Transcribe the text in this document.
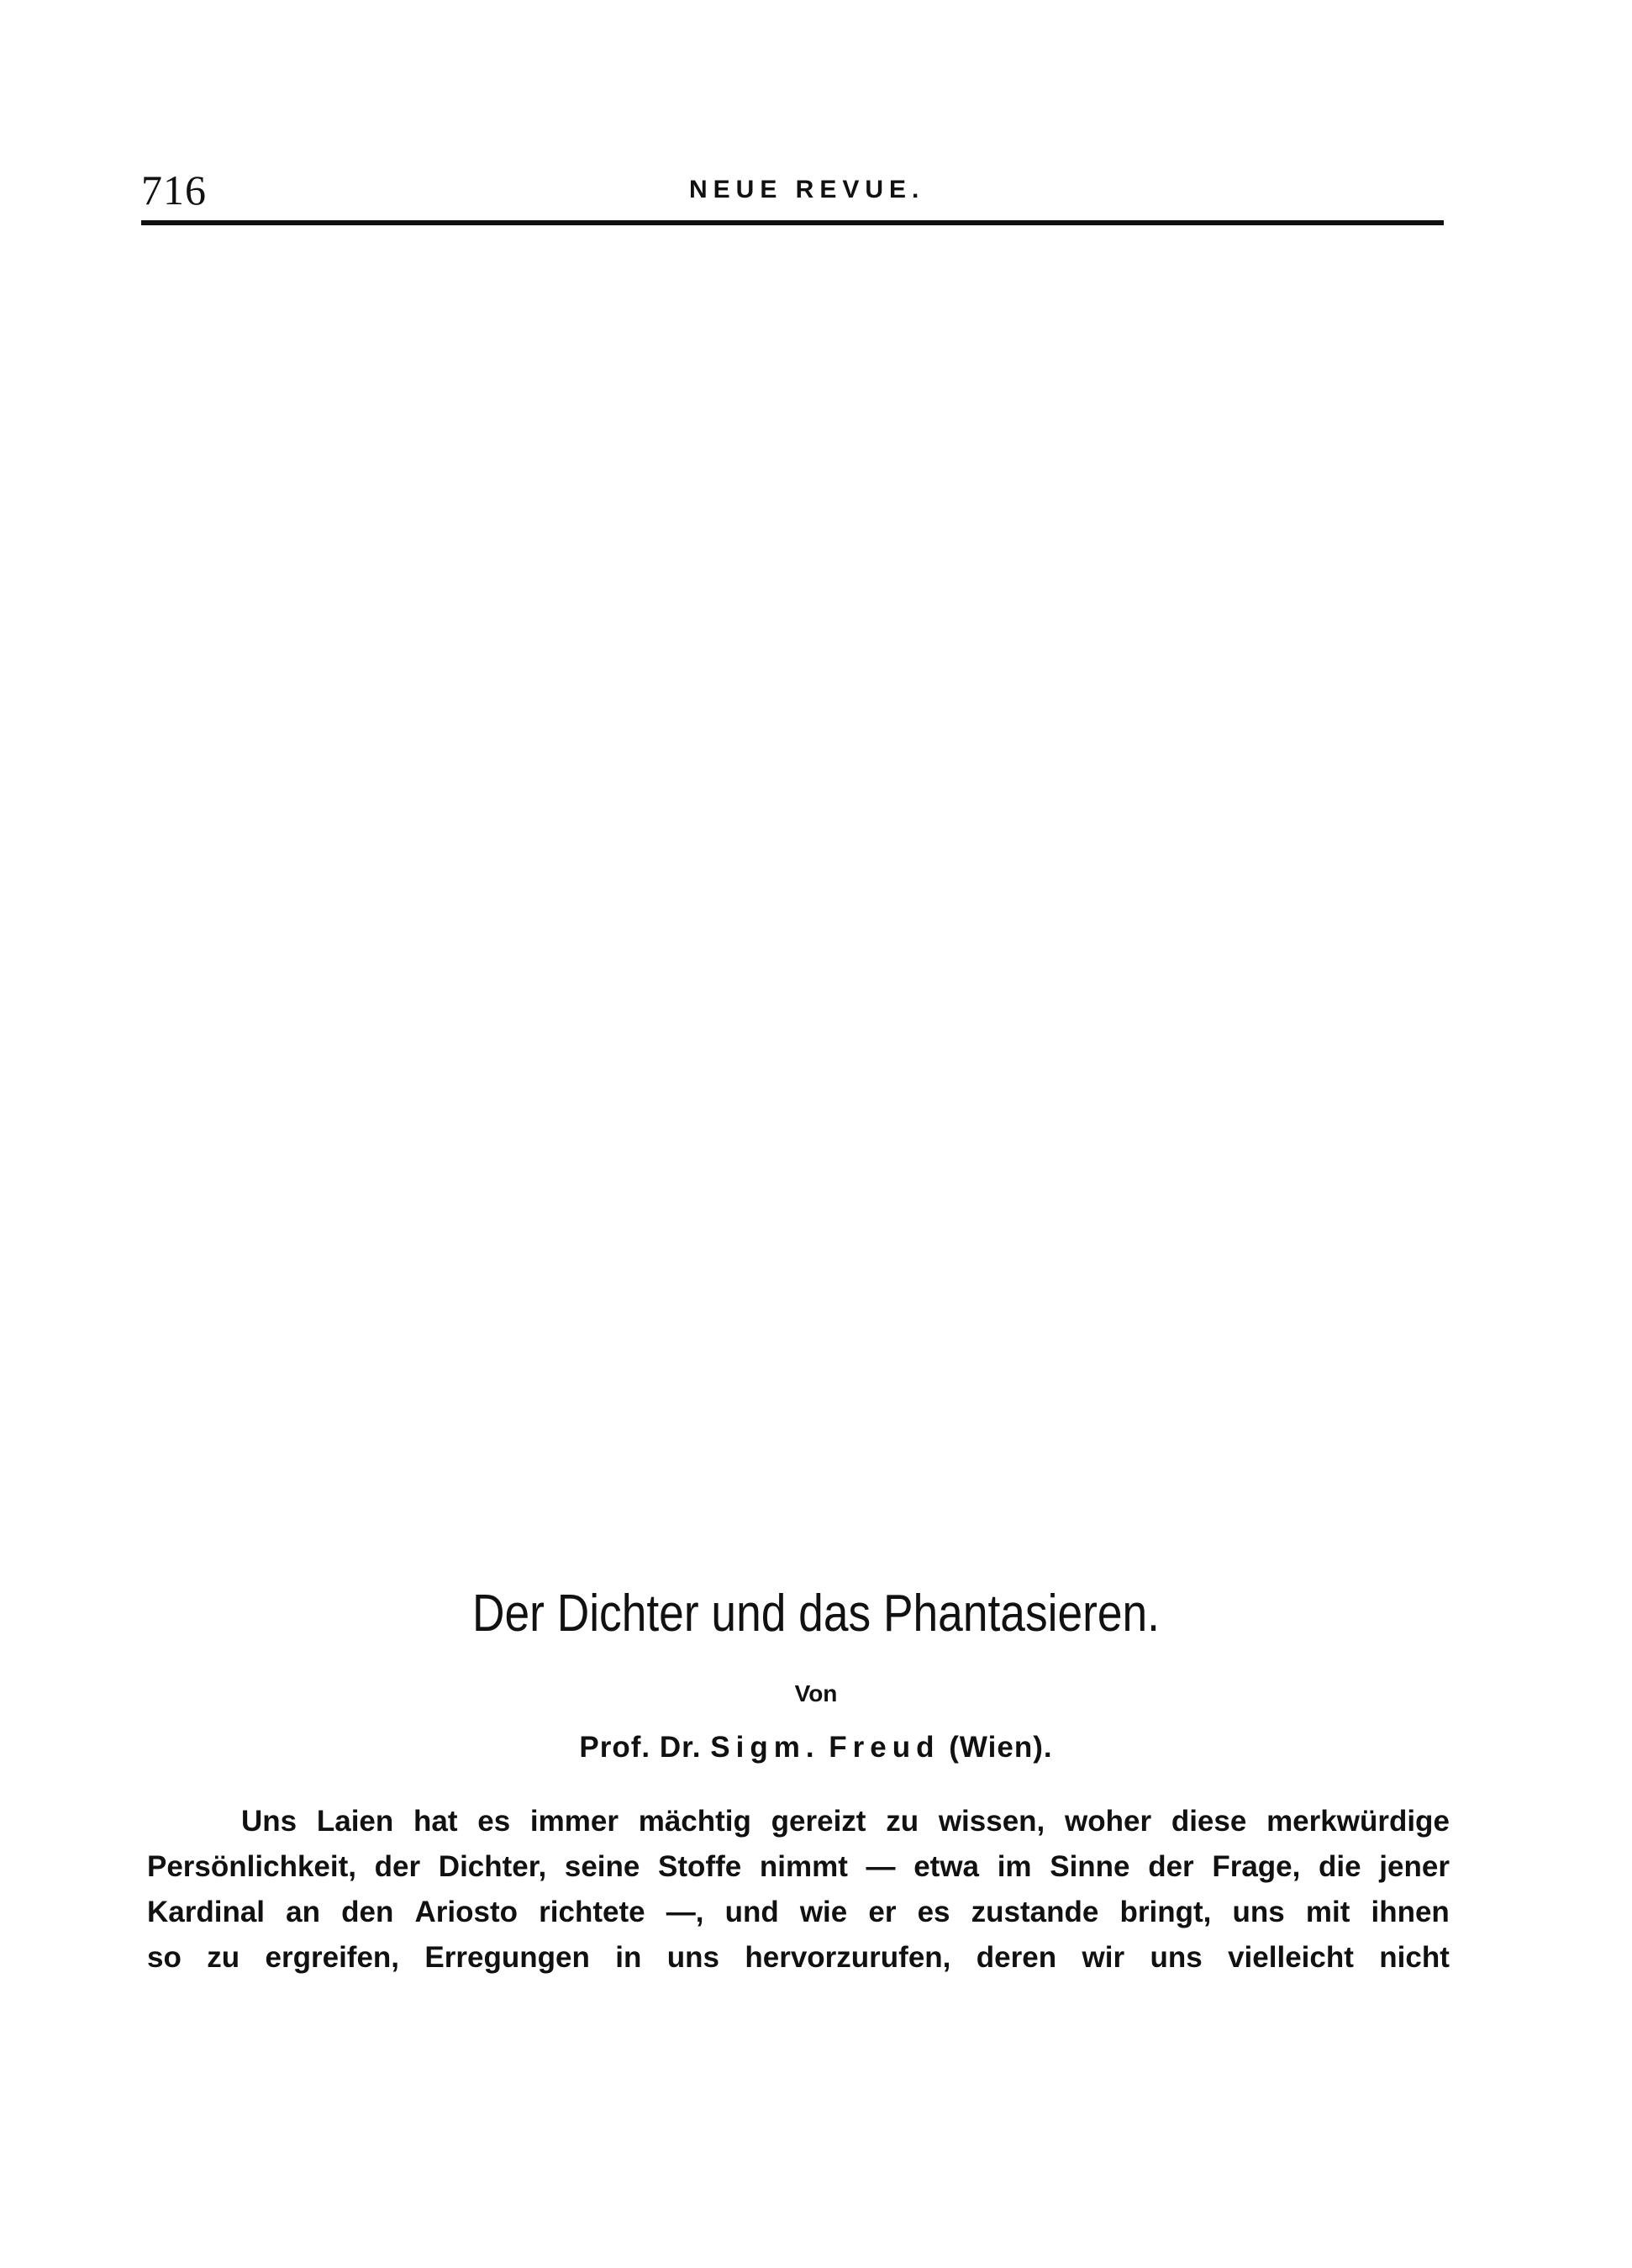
716	NEUE REVUE.
Der Dichter und das Phantasieren.
Von
Prof. Dr. Sigm. Freud (Wien).
Uns Laien hat es immer mächtig gereizt zu wissen, woher diese merkwürdige
Persönlichkeit, der Dichter, seine Stoffe nimmt — etwa im Sinne der Frage, die jener
Kardinal an den Ariosto richtete —, und wie er es zustande bringt, uns mit ihnen
so zu ergreifen, Erregungen in uns hervorzurufen, deren wir uns vielleicht nicht
